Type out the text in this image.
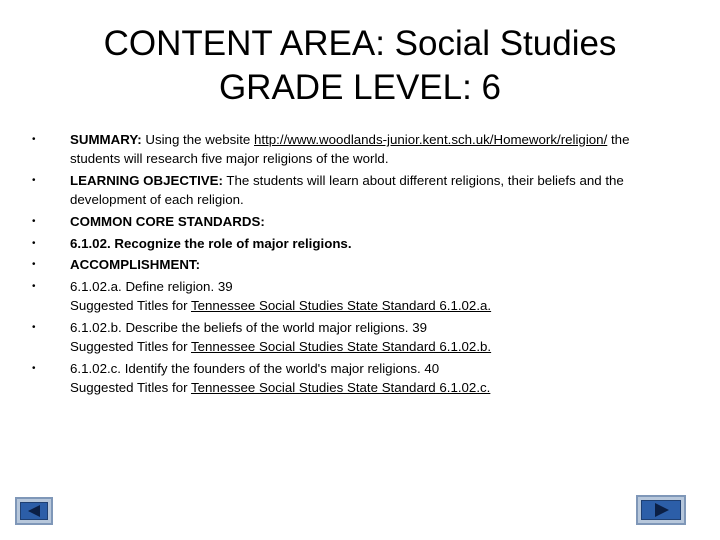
CONTENT AREA: Social Studies
GRADE LEVEL: 6
•	SUMMARY: Using the website http://www.woodlands-junior.kent.sch.uk/Homework/religion/ the students will research five major religions of the world.
•	LEARNING OBJECTIVE: The students will learn about different religions, their beliefs and the development of each religion.
•	COMMON CORE STANDARDS:
•	6.1.02. Recognize the role of major religions.
•	ACCOMPLISHMENT:
•	6.1.02.a. Define religion. 39
Suggested Titles for Tennessee Social Studies State Standard 6.1.02.a.
•	6.1.02.b. Describe the beliefs of the world major religions. 39
Suggested Titles for Tennessee Social Studies State Standard 6.1.02.b.
•	6.1.02.c. Identify the founders of the world's major religions. 40
Suggested Titles for Tennessee Social Studies State Standard 6.1.02.c.
